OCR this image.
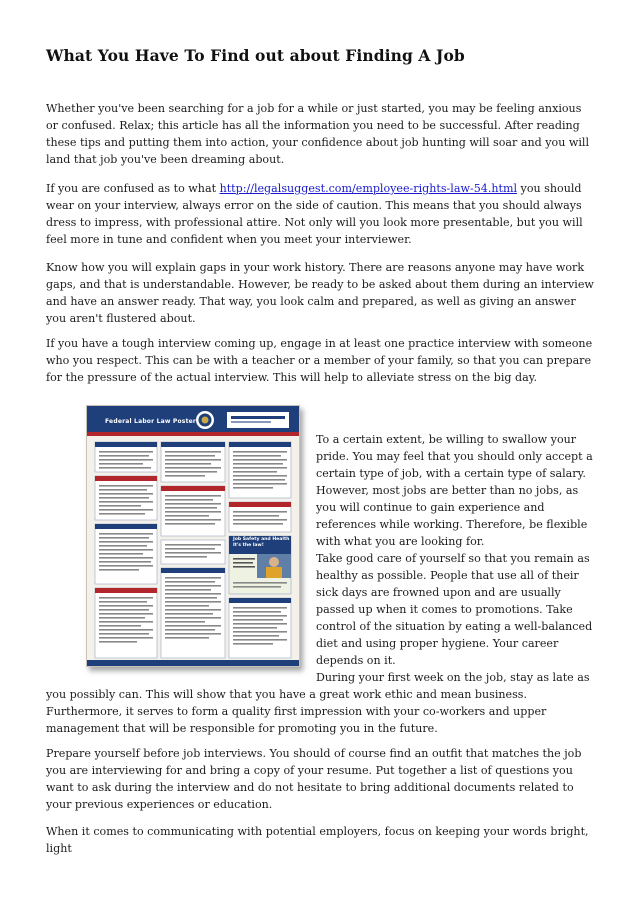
What You Have To Find out about Finding A Job

Whether you've been searching for a job for a while or just started, you may be feeling anxious or confused. Relax; this article has all the information you need to be successful. After reading these tips and putting them into action, your confidence about job hunting will soar and you will land that job you've been dreaming about.

If you are confused as to what http://legalsuggest.com/employee-rights-law-54.html you should wear on your interview, always error on the side of caution. This means that you should always dress to impress, with professional attire. Not only will you look more presentable, but you will feel more in tune and confident when you meet your interviewer.

Know how you will explain gaps in your work history. There are reasons anyone may have work gaps, and that is understandable. However, be ready to be asked about them during an interview and have an answer ready. That way, you look calm and prepared, as well as giving an answer you aren't flustered about.

If you have a tough interview coming up, engage in at least one practice interview with someone who you respect. This can be with a teacher or a member of your family, so that you can prepare for the pressure of the actual interview. This will help to alleviate stress on the big day.

Federal Labor Law Poster
Job Safety and Health It's the law!

To a certain extent, be willing to swallow your pride. You may feel that you should only accept a certain type of job, with a certain type of salary. However, most jobs are better than no jobs, as you will continue to gain experience and references while working. Therefore, be flexible with what you are looking for.

Take good care of yourself so that you remain as healthy as possible. People that use all of their sick days are frowned upon and are usually passed up when it comes to promotions. Take control of the situation by eating a well-balanced diet and using proper hygiene. Your career depends on it.

During your first week on the job, stay as late as

you possibly can. This will show that you have a great work ethic and mean business. Furthermore, it serves to form a quality first impression with your co-workers and upper management that will be responsible for promoting you in the future.

Prepare yourself before job interviews. You should of course find an outfit that matches the job you are interviewing for and bring a copy of your resume. Put together a list of questions you want to ask during the interview and do not hesitate to bring additional documents related to your previous experiences or education.

When it comes to communicating with potential employers, focus on keeping your words bright, light
